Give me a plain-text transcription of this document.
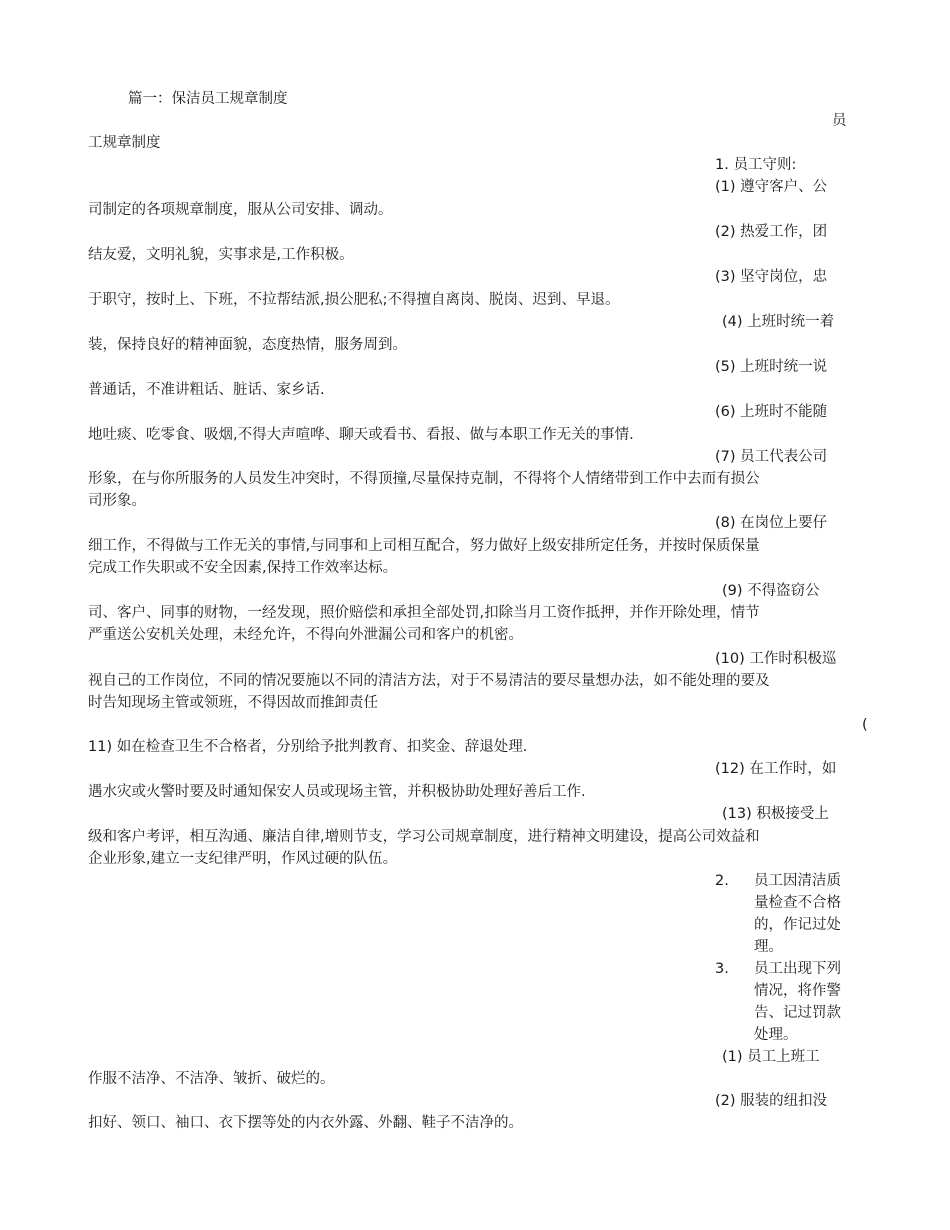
篇一：保洁员工规章制度
员
工规章制度
1. 员工守则:
(1) 遵守客户、公
司制定的各项规章制度，服从公司安排、调动。
(2) 热爱工作，团
结友爱，文明礼貌，实事求是,工作积极。
(3) 坚守岗位，忠
于职守，按时上、下班，不拉帮结派,损公肥私;不得擅自离岗、脱岗、迟到、早退。
(4) 上班时统一着
装，保持良好的精神面貌，态度热情，服务周到。
(5) 上班时统一说
普通话，不准讲粗话、脏话、家乡话.
(6) 上班时不能随
地吐痰、吃零食、吸烟,不得大声喧哗、聊天或看书、看报、做与本职工作无关的事情.
(7) 员工代表公司
形象，在与你所服务的人员发生冲突时，不得顶撞,尽量保持克制，不得将个人情绪带到工作中去而有损公
司形象。
(8) 在岗位上要仔
细工作，不得做与工作无关的事情,与同事和上司相互配合，努力做好上级安排所定任务，并按时保质保量
完成工作失职或不安全因素,保持工作效率达标。
(9) 不得盗窃公
司、客户、同事的财物，一经发现，照价赔偿和承担全部处罚,扣除当月工资作抵押，并作开除处理，情节
严重送公安机关处理，未经允许，不得向外泄漏公司和客户的机密。
(10) 工作时积极巡
视自己的工作岗位，不同的情况要施以不同的清洁方法，对于不易清洁的要尽量想办法，如不能处理的要及
时告知现场主管或领班，不得因故而推卸责任
(
11) 如在检查卫生不合格者，分别给予批判教育、扣奖金、辞退处理.
(12) 在工作时，如
遇水灾或火警时要及时通知保安人员或现场主管，并积极协助处理好善后工作.
(13) 积极接受上
级和客户考评，相互沟通、廉洁自律,增则节支，学习公司规章制度，进行精神文明建设，提高公司效益和
企业形象,建立一支纪律严明，作风过硬的队伍。
2. 员工因清洁质
量检查不合格
的，作记过处
理。
3. 员工出现下列
情况，将作警
告、记过罚款
处理。
(1) 员工上班工
作服不洁净、不洁净、皱折、破烂的。
(2) 服装的纽扣没
扣好、领口、袖口、衣下摆等处的内衣外露、外翻、鞋子不洁净的。
